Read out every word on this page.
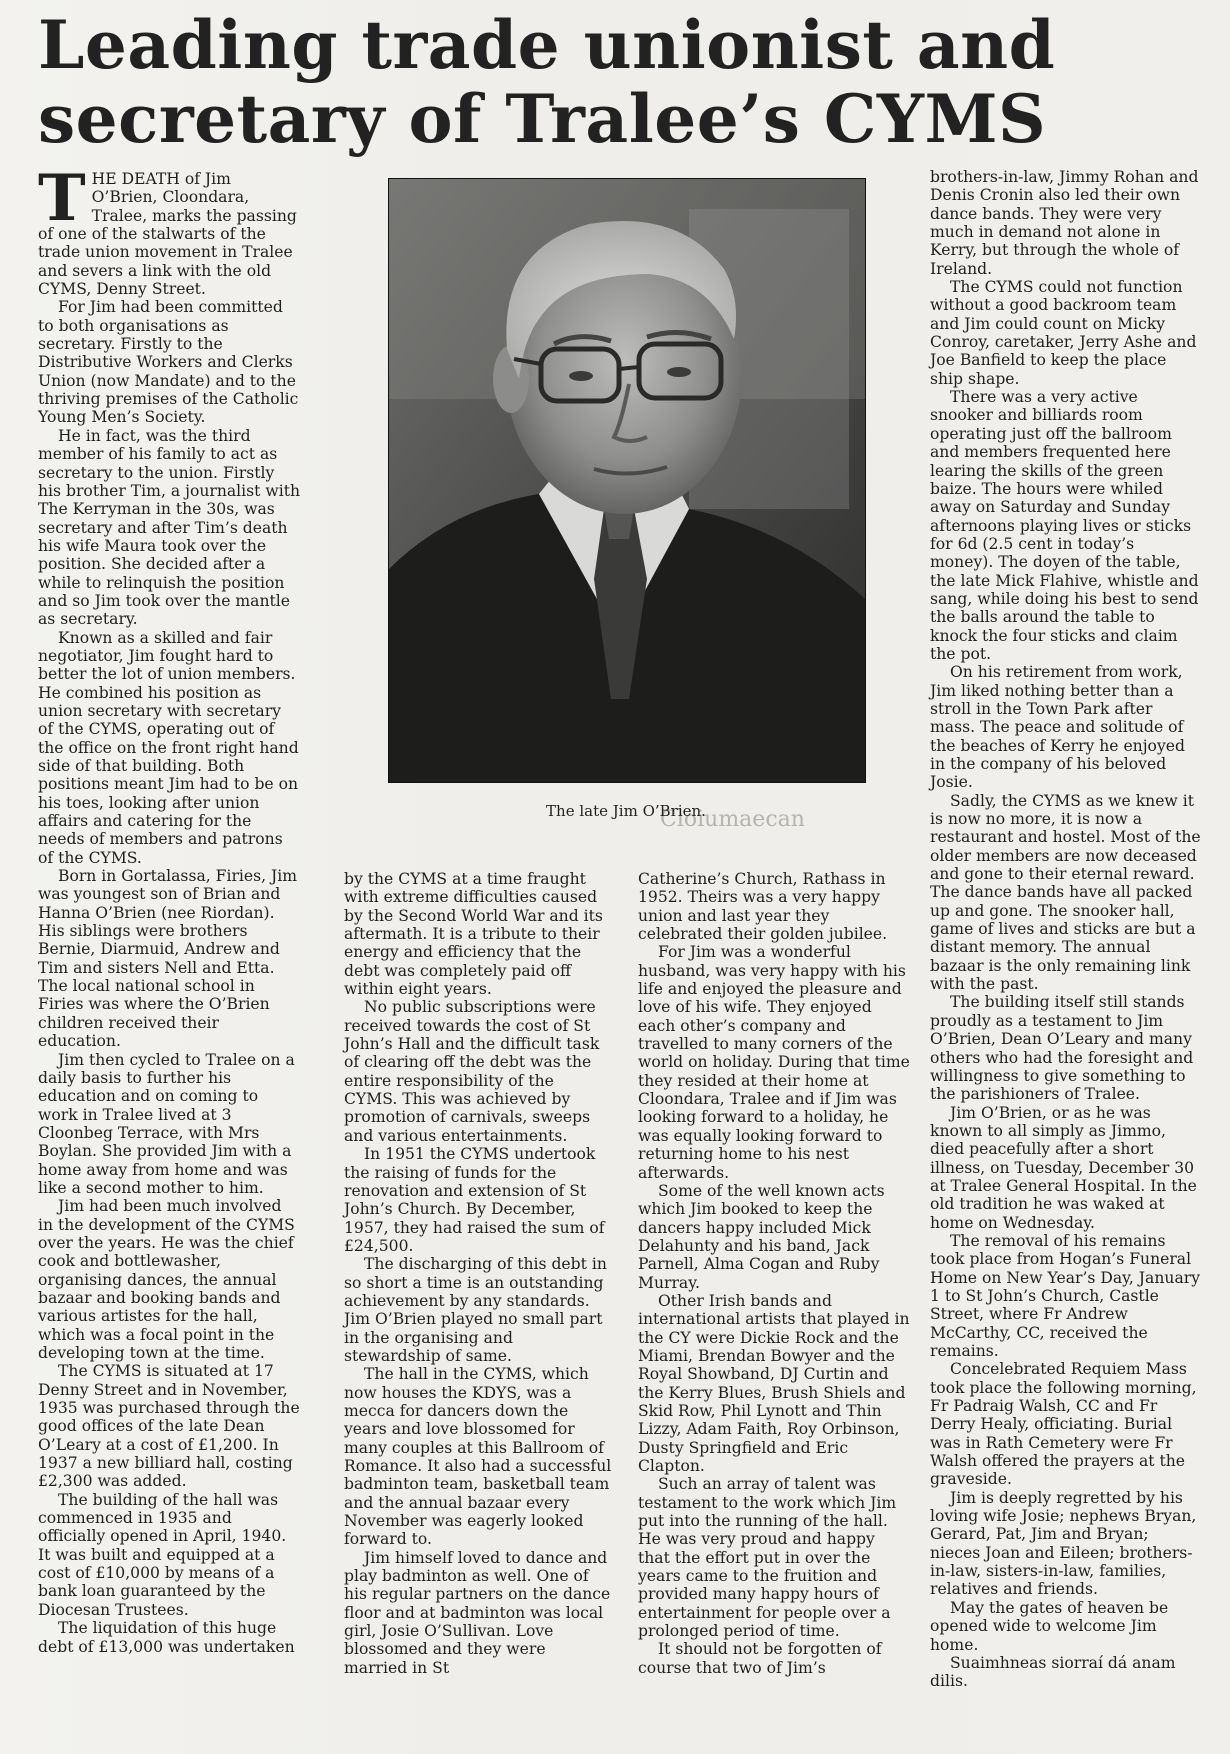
Cloiumaecan
Leading trade unionist and secretary of Tralee’s CYMS

THE DEATH of Jim O’Brien, Cloondara, Tralee, marks the passing of one of the stalwarts of the trade union movement in Tralee and severs a link with the old CYMS, Denny Street.

For Jim had been committed to both organisations as secretary. Firstly to the Distributive Workers and Clerks Union (now Mandate) and to the thriving premises of the Catholic Young Men’s Society.

He in fact, was the third member of his family to act as secretary to the union. Firstly his brother Tim, a journalist with The Kerryman in the 30s, was secretary and after Tim’s death his wife Maura took over the position. She decided after a while to relinquish the position and so Jim took over the mantle as secretary.

Known as a skilled and fair negotiator, Jim fought hard to better the lot of union members. He combined his position as union secretary with secretary of the CYMS, operating out of the office on the front right hand side of that building. Both positions meant Jim had to be on his toes, looking after union affairs and catering for the needs of members and patrons of the CYMS.

Born in Gortalassa, Firies, Jim was youngest son of Brian and Hanna O’Brien (nee Riordan). His siblings were brothers Bernie, Diarmuid, Andrew and Tim and sisters Nell and Etta. The local national school in Firies was where the O’Brien children received their education.

Jim then cycled to Tralee on a daily basis to further his education and on coming to work in Tralee lived at 3 Cloonbeg Terrace, with Mrs Boylan. She provided Jim with a home away from home and was like a second mother to him.

Jim had been much involved in the development of the CYMS over the years. He was the chief cook and bottlewasher, organising dances, the annual bazaar and booking bands and various artistes for the hall, which was a focal point in the developing town at the time.

The CYMS is situated at 17 Denny Street and in November, 1935 was purchased through the good offices of the late Dean O’Leary at a cost of £1,200. In 1937 a new billiard hall, costing £2,300 was added.

The building of the hall was commenced in 1935 and officially opened in April, 1940. It was built and equipped at a cost of £10,000 by means of a bank loan guaranteed by the Diocesan Trustees.

The liquidation of this huge debt of £13,000 was undertaken

The late Jim O’Brien.

by the CYMS at a time fraught with extreme difficulties caused by the Second World War and its aftermath. It is a tribute to their energy and efficiency that the debt was completely paid off within eight years.

No public subscriptions were received towards the cost of St John’s Hall and the difficult task of clearing off the debt was the entire responsibility of the CYMS. This was achieved by promotion of carnivals, sweeps and various entertainments.

In 1951 the CYMS undertook the raising of funds for the renovation and extension of St John’s Church. By December, 1957, they had raised the sum of £24,500.

The discharging of this debt in so short a time is an outstanding achievement by any standards. Jim O’Brien played no small part in the organising and stewardship of same.

The hall in the CYMS, which now houses the KDYS, was a mecca for dancers down the years and love blossomed for many couples at this Ballroom of Romance. It also had a successful badminton team, basketball team and the annual bazaar every November was eagerly looked forward to.

Jim himself loved to dance and play badminton as well. One of his regular partners on the dance floor and at badminton was local girl, Josie O’Sullivan. Love blossomed and they were married in St

Catherine’s Church, Rathass in 1952. Theirs was a very happy union and last year they celebrated their golden jubilee.

For Jim was a wonderful husband, was very happy with his life and enjoyed the pleasure and love of his wife. They enjoyed each other’s company and travelled to many corners of the world on holiday. During that time they resided at their home at Cloondara, Tralee and if Jim was looking forward to a holiday, he was equally looking forward to returning home to his nest afterwards.

Some of the well known acts which Jim booked to keep the dancers happy included Mick Delahunty and his band, Jack Parnell, Alma Cogan and Ruby Murray.

Other Irish bands and international artists that played in the CY were Dickie Rock and the Miami, Brendan Bowyer and the Royal Showband, DJ Curtin and the Kerry Blues, Brush Shiels and Skid Row, Phil Lynott and Thin Lizzy, Adam Faith, Roy Orbinson, Dusty Springfield and Eric Clapton.

Such an array of talent was testament to the work which Jim put into the running of the hall. He was very proud and happy that the effort put in over the years came to the fruition and provided many happy hours of entertainment for people over a prolonged period of time.

It should not be forgotten of course that two of Jim’s

brothers-in-law, Jimmy Rohan and Denis Cronin also led their own dance bands. They were very much in demand not alone in Kerry, but through the whole of Ireland.

The CYMS could not function without a good backroom team and Jim could count on Micky Conroy, caretaker, Jerry Ashe and Joe Banfield to keep the place ship shape.

There was a very active snooker and billiards room operating just off the ballroom and members frequented here learing the skills of the green baize. The hours were whiled away on Saturday and Sunday afternoons playing lives or sticks for 6d (2.5 cent in today’s money). The doyen of the table, the late Mick Flahive, whistle and sang, while doing his best to send the balls around the table to knock the four sticks and claim the pot.

On his retirement from work, Jim liked nothing better than a stroll in the Town Park after mass. The peace and solitude of the beaches of Kerry he enjoyed in the company of his beloved Josie.

Sadly, the CYMS as we knew it is now no more, it is now a restaurant and hostel. Most of the older members are now deceased and gone to their eternal reward. The dance bands have all packed up and gone. The snooker hall, game of lives and sticks are but a distant memory. The annual bazaar is the only remaining link with the past.

The building itself still stands proudly as a testament to Jim O’Brien, Dean O’Leary and many others who had the foresight and willingness to give something to the parishioners of Tralee.

Jim O’Brien, or as he was known to all simply as Jimmo, died peacefully after a short illness, on Tuesday, December 30 at Tralee General Hospital. In the old tradition he was waked at home on Wednesday.

The removal of his remains took place from Hogan’s Funeral Home on New Year’s Day, January 1 to St John’s Church, Castle Street, where Fr Andrew McCarthy, CC, received the remains.

Concelebrated Requiem Mass took place the following morning, Fr Padraig Walsh, CC and Fr Derry Healy, officiating. Burial was in Rath Cemetery were Fr Walsh offered the prayers at the graveside.

Jim is deeply regretted by his loving wife Josie; nephews Bryan, Gerard, Pat, Jim and Bryan; nieces Joan and Eileen; brothers-in-law, sisters-in-law, families, relatives and friends.

May the gates of heaven be opened wide to welcome Jim home.

Suaimhneas siorraí dá anam dilis.
